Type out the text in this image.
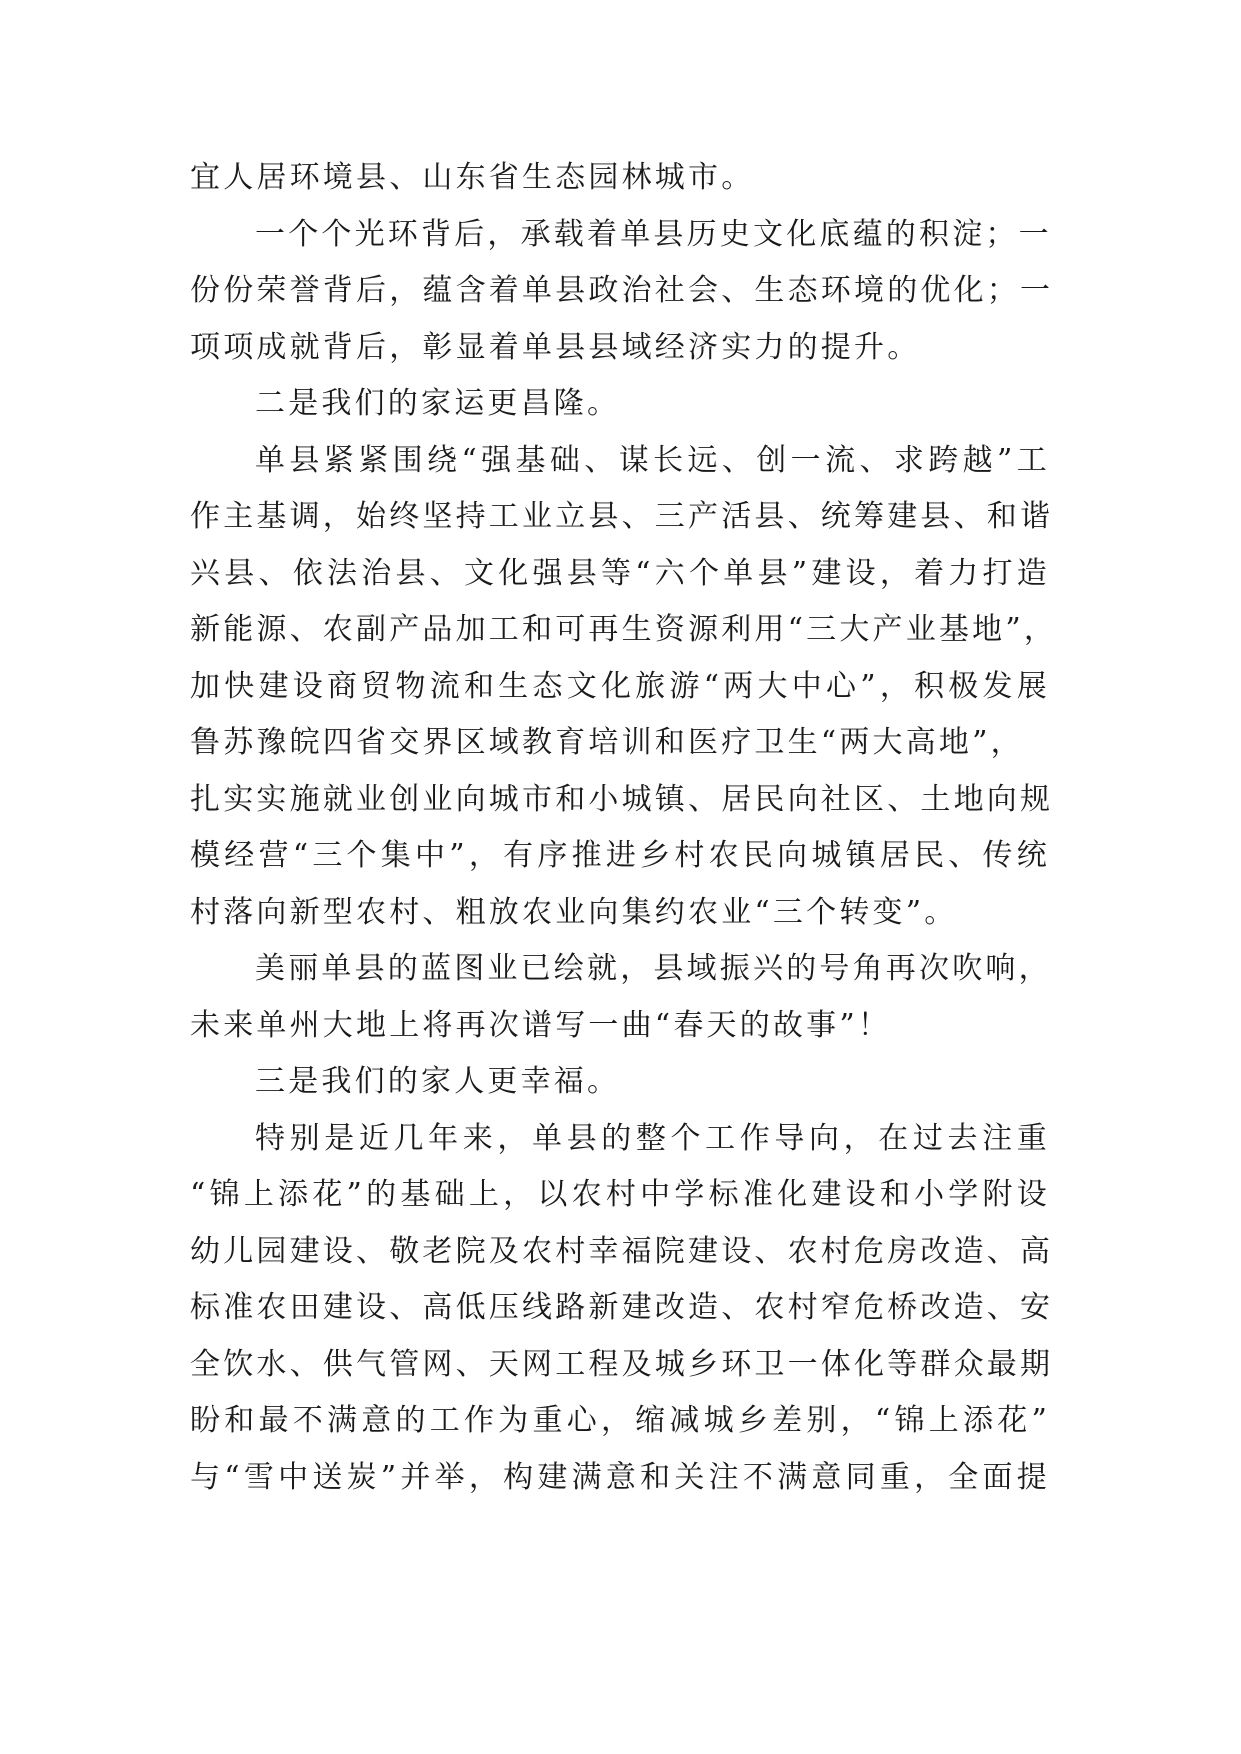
宜人居环境县、山东省生态园林城市。
一个个光环背后，承载着单县历史文化底蕴的积淀；一
份份荣誉背后，蕴含着单县政治社会、生态环境的优化；一
项项成就背后，彰显着单县县域经济实力的提升。
二是我们的家运更昌隆。
单县紧紧围绕“强基础、谋长远、创一流、求跨越”工
作主基调，始终坚持工业立县、三产活县、统筹建县、和谐
兴县、依法治县、文化强县等“六个单县”建设，着力打造
新能源、农副产品加工和可再生资源利用“三大产业基地”，
加快建设商贸物流和生态文化旅游“两大中心”，积极发展
鲁苏豫皖四省交界区域教育培训和医疗卫生“两大高地”，
扎实实施就业创业向城市和小城镇、居民向社区、土地向规
模经营“三个集中”，有序推进乡村农民向城镇居民、传统
村落向新型农村、粗放农业向集约农业“三个转变”。
美丽单县的蓝图业已绘就，县域振兴的号角再次吹响，
未来单州大地上将再次谱写一曲“春天的故事”！
三是我们的家人更幸福。
特别是近几年来，单县的整个工作导向，在过去注重
“锦上添花”的基础上，以农村中学标准化建设和小学附设
幼儿园建设、敬老院及农村幸福院建设、农村危房改造、高
标准农田建设、高低压线路新建改造、农村窄危桥改造、安
全饮水、供气管网、天网工程及城乡环卫一体化等群众最期
盼和最不满意的工作为重心，缩减城乡差别，“锦上添花”
与“雪中送炭”并举，构建满意和关注不满意同重，全面提
